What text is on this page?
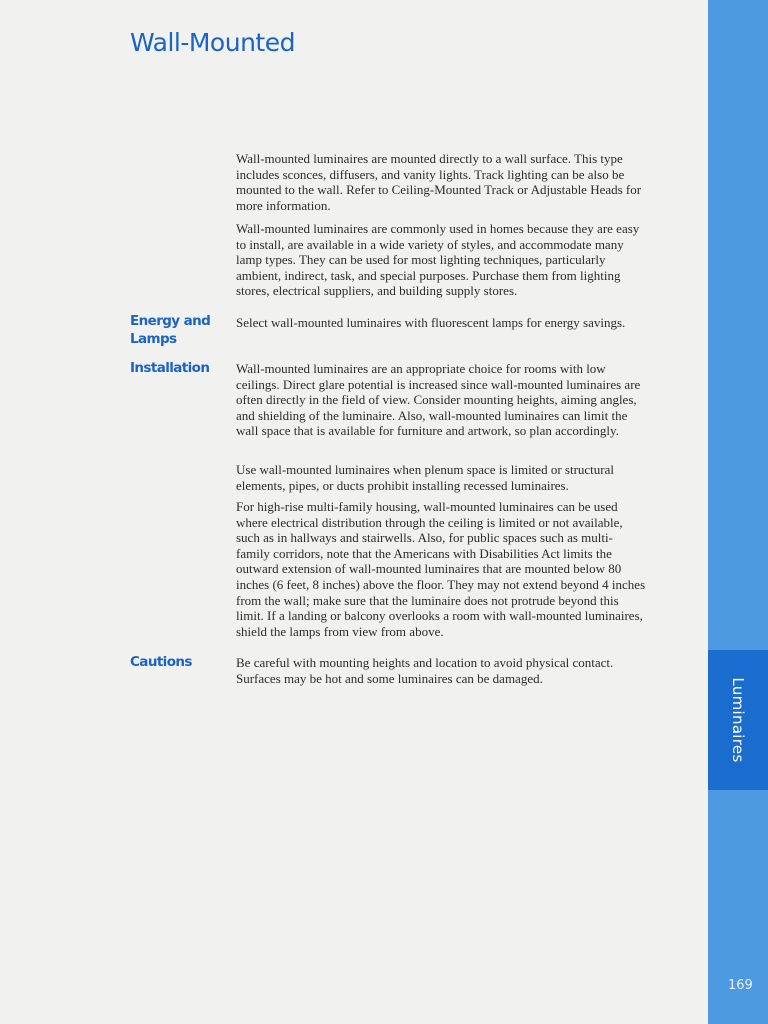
Wall-Mounted
Luminaires
169

Wall-mounted luminaires are mounted directly to a wall surface. This type includes sconces, diffusers, and vanity lights. Track lighting can be also be mounted to the wall. Refer to Ceiling-Mounted Track or Adjustable Heads for more information.

Wall-mounted luminaires are commonly used in homes because they are easy to install, are available in a wide variety of styles, and accommodate many lamp types. They can be used for most lighting techniques, particularly ambient, indirect, task, and special purposes. Purchase them from lighting stores, electrical suppliers, and building supply stores.

Energy and Lamps

Select wall-mounted luminaires with fluorescent lamps for energy savings.

Installation	Wall-mounted luminaires are an appropriate choice for rooms with low ceilings. Direct glare potential is increased since wall-mounted luminaires are often directly in the field of view. Consider mounting heights, aiming angles, and shielding of the luminaire. Also, wall-mounted luminaires can limit the wall space that is available for furniture and artwork, so plan accordingly.

Use wall-mounted luminaires when plenum space is limited or structural elements, pipes, or ducts prohibit installing recessed luminaires.

For high-rise multi-family housing, wall-mounted luminaires can be used where electrical distribution through the ceiling is limited or not available, such as in hallways and stairwells. Also, for public spaces such as multi-family corridors, note that the Americans with Disabilities Act limits the outward extension of wall-mounted luminaires that are mounted below 80 inches (6 feet, 8 inches) above the floor. They may not extend beyond 4 inches from the wall; make sure that the luminaire does not protrude beyond this limit. If a landing or balcony overlooks a room with wall-mounted luminaires, shield the lamps from view from above.

Cautions	Be careful with mounting heights and location to avoid physical contact. Surfaces may be hot and some luminaires can be damaged.
